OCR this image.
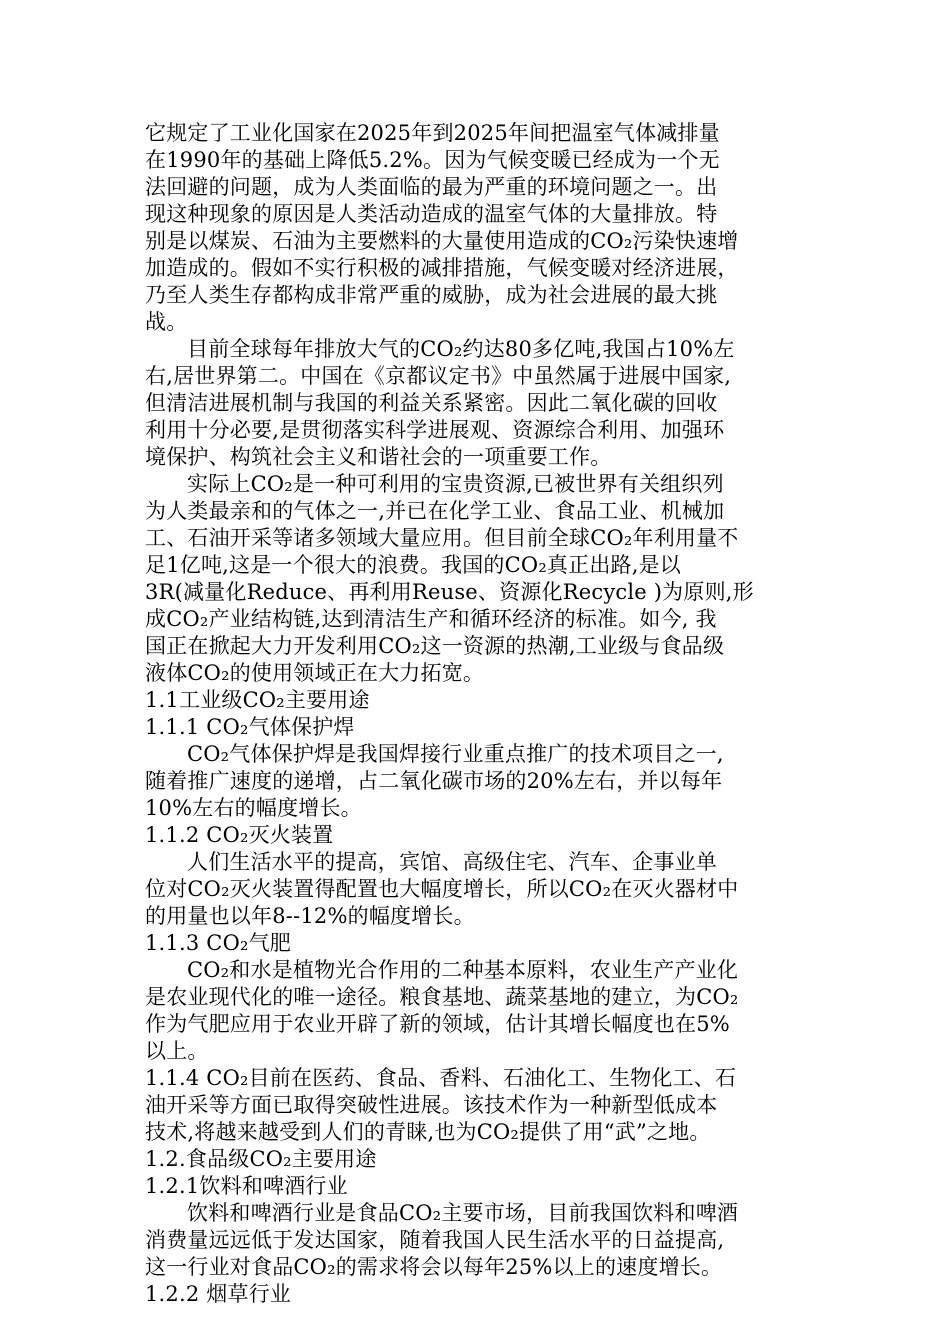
它规定了工业化国家在2025年到2025年间把温室气体减排量
在1990年的基础上降低5.2%。因为气候变暖已经成为一个无
法回避的问题，成为人类面临的最为严重的环境问题之一。出
现这种现象的原因是人类活动造成的温室气体的大量排放。特
别是以煤炭、石油为主要燃料的大量使用造成的CO₂污染快速增
加造成的。假如不实行积极的减排措施，气候变暖对经济进展，
乃至人类生存都构成非常严重的威胁，成为社会进展的最大挑
战。
目前全球每年排放大气的CO₂约达80多亿吨,我国占10%左
右,居世界第二。中国在《京都议定书》中虽然属于进展中国家,
但清洁进展机制与我国的利益关系紧密。因此二氧化碳的回收
利用十分必要,是贯彻落实科学进展观、资源综合利用、加强环
境保护、构筑社会主义和谐社会的一项重要工作。
实际上CO₂是一种可利用的宝贵资源,已被世界有关组织列
为人类最亲和的气体之一,并已在化学工业、食品工业、机械加
工、石油开采等诸多领域大量应用。但目前全球CO₂年利用量不
足1亿吨,这是一个很大的浪费。我国的CO₂真正出路,是以
3R(减量化Reduce、再利用Reuse、资源化Recycle )为原则,形
成CO₂产业结构链,达到清洁生产和循环经济的标准。如今, 我
国正在掀起大力开发利用CO₂这一资源的热潮,工业级与食品级
液体CO₂的使用领域正在大力拓宽。
1.1工业级CO₂主要用途
1.1.1 CO₂气体保护焊
CO₂气体保护焊是我国焊接行业重点推广的技术项目之一,
随着推广速度的递增，占二氧化碳市场的20%左右，并以每年
10%左右的幅度增长。
1.1.2 CO₂灭火装置
人们生活水平的提高，宾馆、高级住宅、汽车、企事业单
位对CO₂灭火装置得配置也大幅度增长，所以CO₂在灭火器材中
的用量也以年8--12%的幅度增长。
1.1.3 CO₂气肥
CO₂和水是植物光合作用的二种基本原料，农业生产产业化
是农业现代化的唯一途径。粮食基地、蔬菜基地的建立，为CO₂
作为气肥应用于农业开辟了新的领域，估计其增长幅度也在5%
以上。
1.1.4 CO₂目前在医药、食品、香料、石油化工、生物化工、石
油开采等方面已取得突破性进展。该技术作为一种新型低成本
技术,将越来越受到人们的青睐,也为CO₂提供了用“武”之地。
1.2.食品级CO₂主要用途
1.2.1饮料和啤酒行业
饮料和啤酒行业是食品CO₂主要市场，目前我国饮料和啤酒
消费量远远低于发达国家，随着我国人民生活水平的日益提高,
这一行业对食品CO₂的需求将会以每年25%以上的速度增长。
1.2.2 烟草行业
